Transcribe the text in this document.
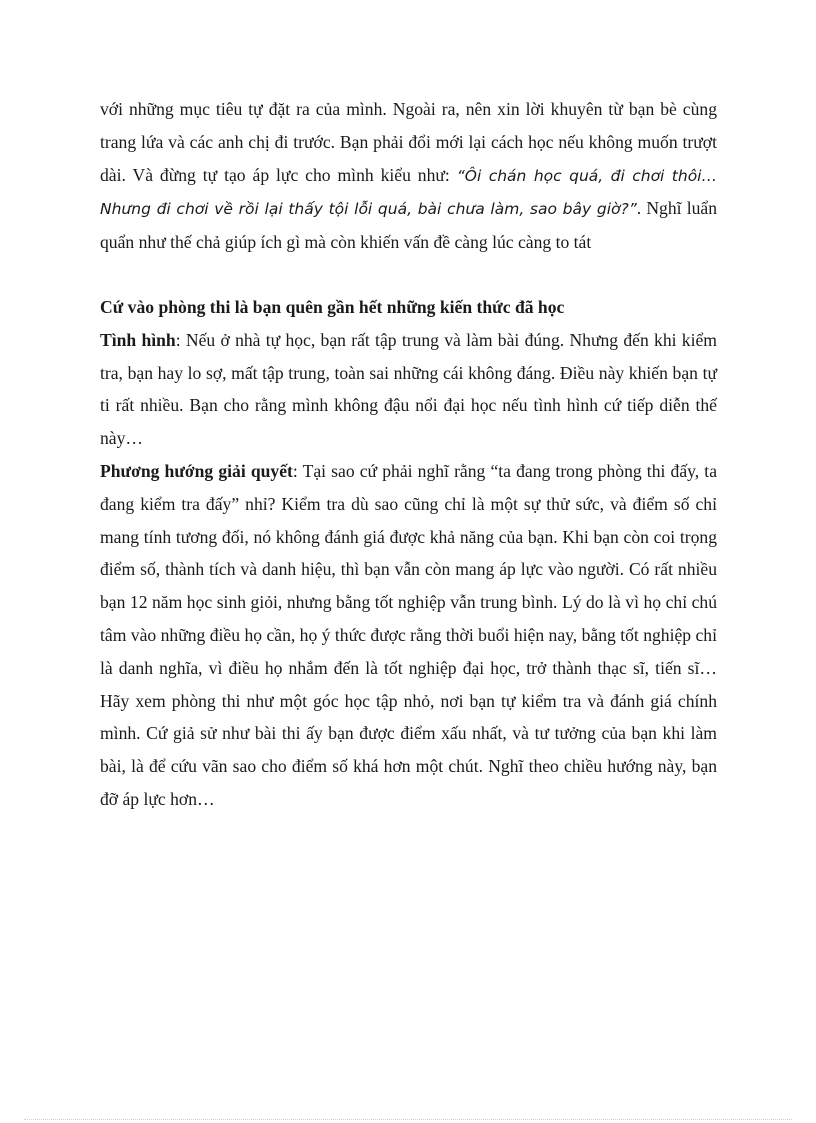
với những mục tiêu tự đặt ra của mình. Ngoài ra, nên xin lời khuyên từ bạn bè cùng trang lứa và các anh chị đi trước. Bạn phải đổi mới lại cách học nếu không muốn trượt dài. Và đừng tự tạo áp lực cho mình kiểu như: “Ôi chán học quá, đi chơi thôi… Nhưng đi chơi về rồi lại thấy tội lỗi quá, bài chưa làm, sao bây giờ?”. Nghĩ luẩn quẩn như thế chả giúp ích gì mà còn khiến vấn đề càng lúc càng to tát

Cứ vào phòng thi là bạn quên gần hết những kiến thức đã học

Tình hình: Nếu ở nhà tự học, bạn rất tập trung và làm bài đúng. Nhưng đến khi kiểm tra, bạn hay lo sợ, mất tập trung, toàn sai những cái không đáng. Điều này khiến bạn tự ti rất nhiều. Bạn cho rằng mình không đậu nổi đại học nếu tình hình cứ tiếp diễn thế này…

Phương hướng giải quyết: Tại sao cứ phải nghĩ rằng “ta đang trong phòng thi đấy, ta đang kiểm tra đấy” nhỉ? Kiểm tra dù sao cũng chỉ là một sự thử sức, và điểm số chỉ mang tính tương đối, nó không đánh giá được khả năng của bạn. Khi bạn còn coi trọng điểm số, thành tích và danh hiệu, thì bạn vẫn còn mang áp lực vào người. Có rất nhiều bạn 12 năm học sinh giỏi, nhưng bằng tốt nghiệp vẫn trung bình. Lý do là vì họ chỉ chú tâm vào những điều họ cần, họ ý thức được rằng thời buổi hiện nay, bằng tốt nghiệp chỉ là danh nghĩa, vì điều họ nhắm đến là tốt nghiệp đại học, trở thành thạc sĩ, tiến sĩ… Hãy xem phòng thi như một góc học tập nhỏ, nơi bạn tự kiểm tra và đánh giá chính mình. Cứ giả sử như bài thi ấy bạn được điểm xấu nhất, và tư tưởng của bạn khi làm bài, là để cứu vãn sao cho điểm số khá hơn một chút. Nghĩ theo chiều hướng này, bạn đỡ áp lực hơn…
